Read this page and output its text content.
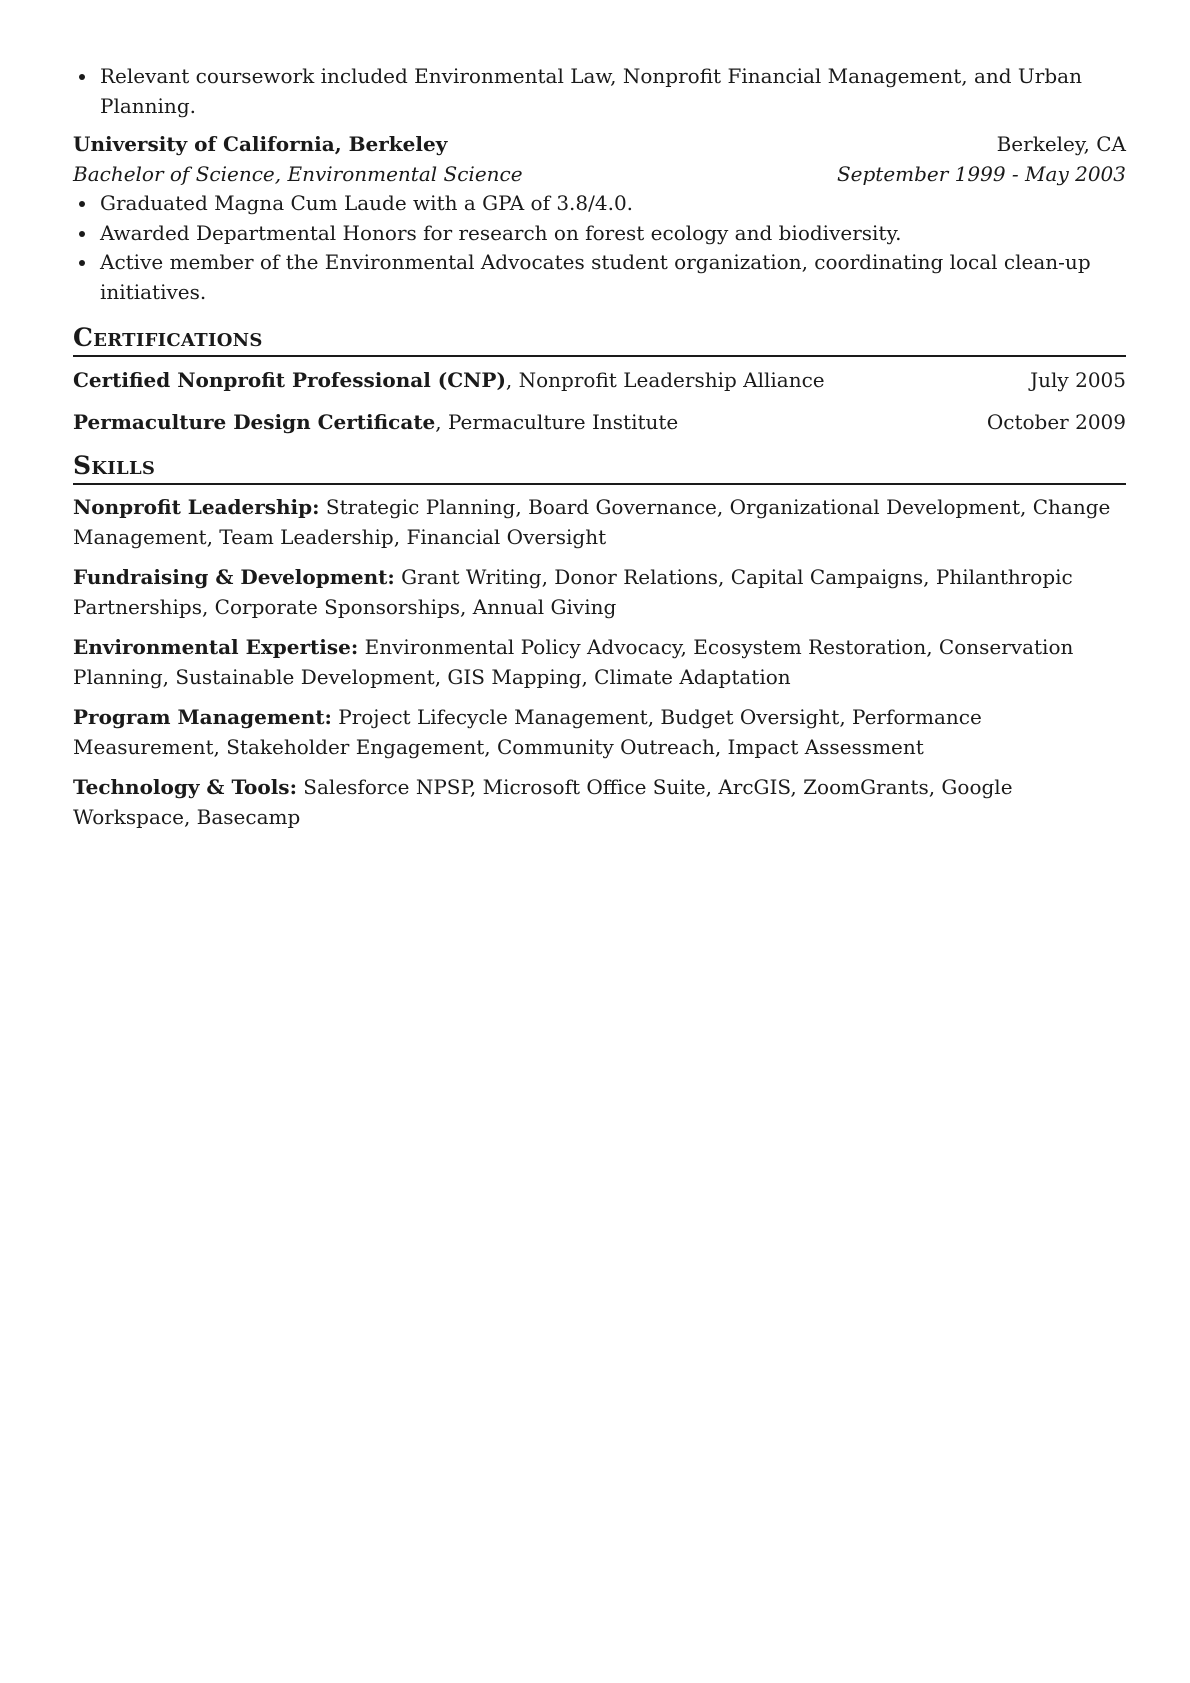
Relevant coursework included Environmental Law, Nonprofit Financial Management, and Urban Planning.
University of California, Berkeley	Berkeley, CA
Bachelor of Science, Environmental Science	September 1999 - May 2003
Graduated Magna Cum Laude with a GPA of 3.8/4.0.
Awarded Departmental Honors for research on forest ecology and biodiversity.
Active member of the Environmental Advocates student organization, coordinating local clean-up initiatives.
Certifications
Certified Nonprofit Professional (CNP), Nonprofit Leadership Alliance	July 2005
Permaculture Design Certificate, Permaculture Institute	October 2009
Skills
Nonprofit Leadership: Strategic Planning, Board Governance, Organizational Development, Change Management, Team Leadership, Financial Oversight
Fundraising & Development: Grant Writing, Donor Relations, Capital Campaigns, Philanthropic Partnerships, Corporate Sponsorships, Annual Giving
Environmental Expertise: Environmental Policy Advocacy, Ecosystem Restoration, Conservation Planning, Sustainable Development, GIS Mapping, Climate Adaptation
Program Management: Project Lifecycle Management, Budget Oversight, Performance Measurement, Stakeholder Engagement, Community Outreach, Impact Assessment
Technology & Tools: Salesforce NPSP, Microsoft Office Suite, ArcGIS, ZoomGrants, Google Workspace, Basecamp
